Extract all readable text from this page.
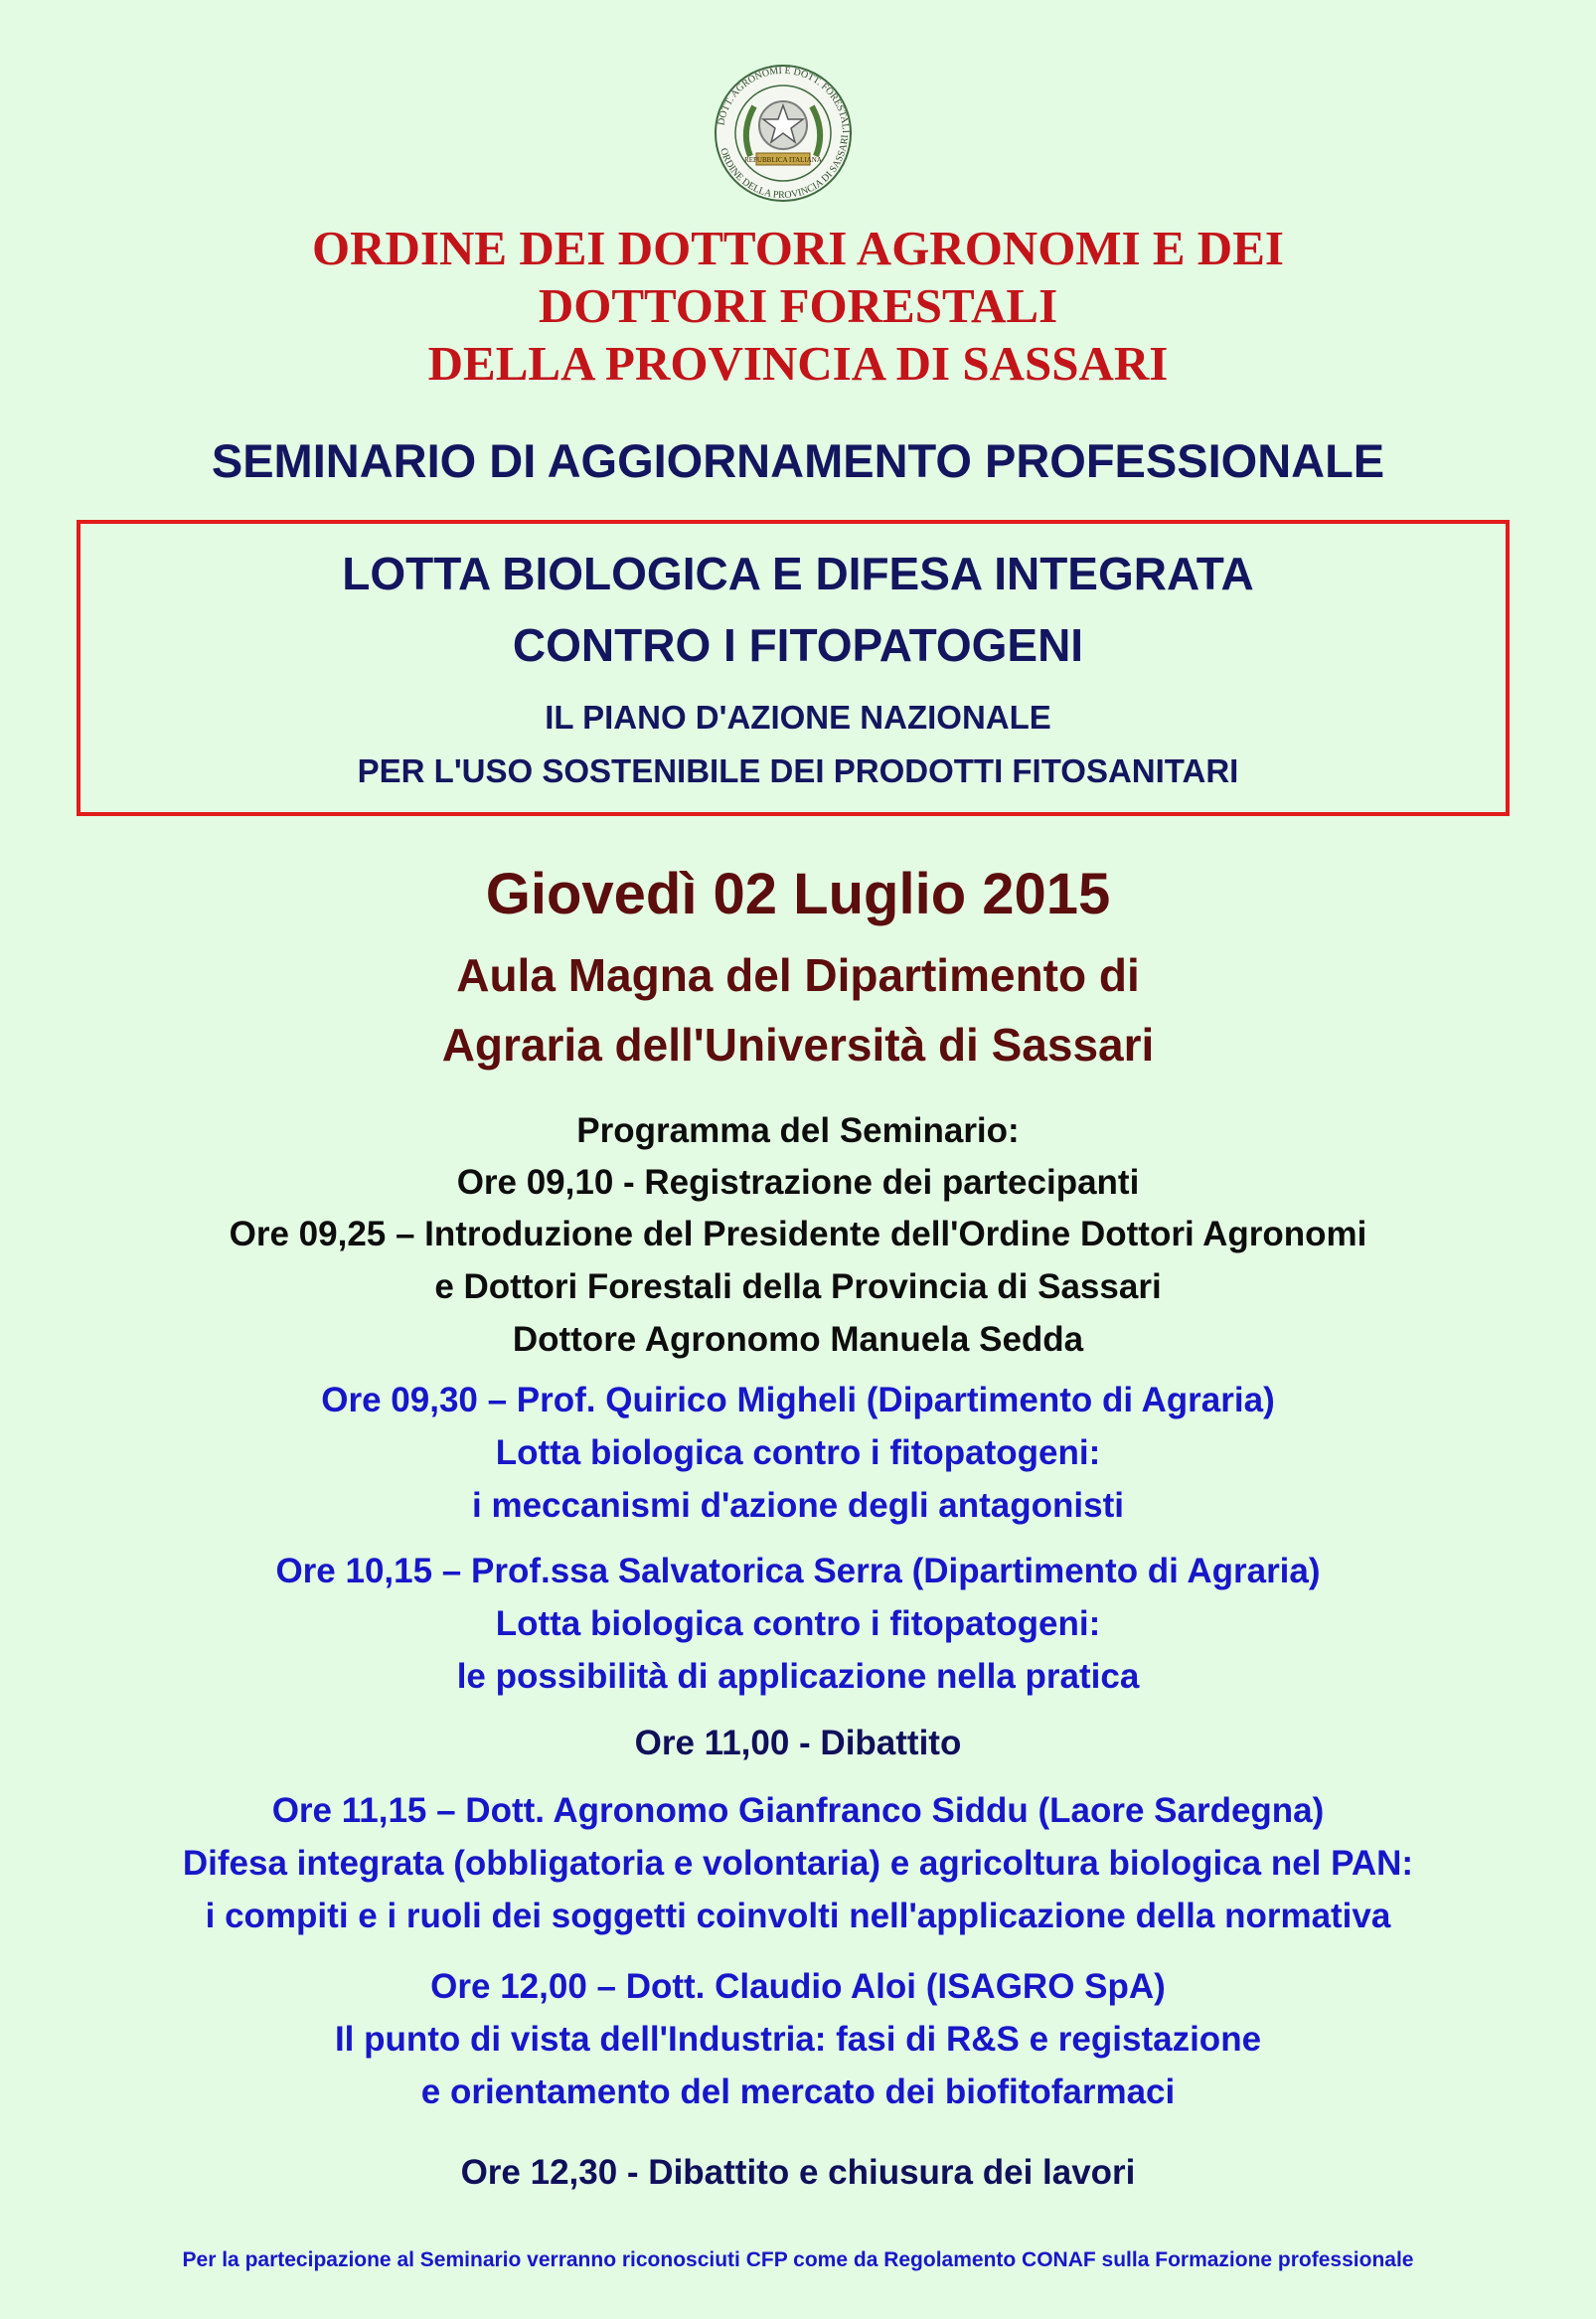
DOTT. AGRONOMI E DOTT. FORESTALI
ORDINE DELLA PROVINCIA DI SASSARI
REPUBBLICA ITALIANA
ORDINE DEI DOTTORI AGRONOMI E DEI
DOTTORI FORESTALI
DELLA PROVINCIA DI SASSARI
SEMINARIO DI AGGIORNAMENTO PROFESSIONALE
LOTTA BIOLOGICA E DIFESA INTEGRATA
CONTRO I FITOPATOGENI
IL PIANO D'AZIONE NAZIONALE
PER L'USO SOSTENIBILE DEI PRODOTTI FITOSANITARI
Giovedì 02 Luglio 2015
Aula Magna del Dipartimento di
Agraria dell'Università di Sassari
Programma del Seminario:
Ore 09,10 - Registrazione dei partecipanti
Ore 09,25 – Introduzione del Presidente dell'Ordine Dottori Agronomi
e Dottori Forestali della Provincia di Sassari
Dottore Agronomo Manuela Sedda
Ore 09,30 – Prof. Quirico Migheli (Dipartimento di Agraria)
Lotta biologica contro i fitopatogeni:
i meccanismi d'azione degli antagonisti
Ore 10,15 – Prof.ssa Salvatorica Serra (Dipartimento di Agraria)
Lotta biologica contro i fitopatogeni:
le possibilità di applicazione nella pratica
Ore 11,00 - Dibattito
Ore 11,15 – Dott. Agronomo Gianfranco Siddu (Laore Sardegna)
Difesa integrata (obbligatoria e volontaria) e agricoltura biologica nel PAN:
i compiti e i ruoli dei soggetti coinvolti nell'applicazione della normativa
Ore 12,00 – Dott. Claudio Aloi (ISAGRO SpA)
Il punto di vista dell'Industria: fasi di R&S e registazione
e orientamento del mercato dei biofitofarmaci
Ore 12,30 - Dibattito e chiusura dei lavori
Per la partecipazione al Seminario verranno riconosciuti CFP come da Regolamento CONAF sulla Formazione professionale
